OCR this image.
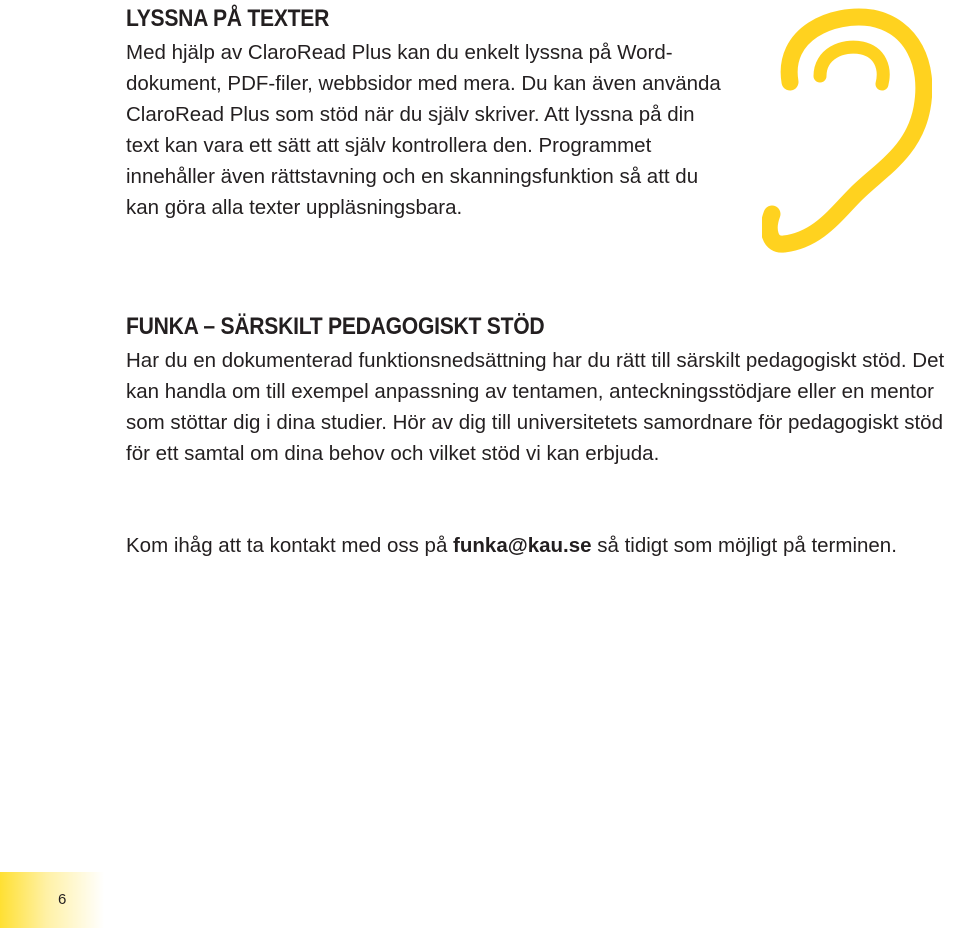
LYSSNA PÅ TEXTER

Med hjälp av ClaroRead Plus kan du enkelt lyssna på Word-dokument, PDF-filer, webbsidor med mera. Du kan även använda ClaroRead Plus som stöd när du själv skriver. Att lyssna på din text kan vara ett sätt att själv kontrollera den. Programmet innehåller även rättstavning och en skanningsfunktion så att du kan göra alla texter uppläsningsbara.

FUNKA – SÄRSKILT PEDAGOGISKT STÖD

Har du en dokumenterad funktionsnedsättning har du rätt till särskilt pedagogiskt stöd. Det kan handla om till exempel anpassning av tentamen, anteckningsstödjare eller en mentor som stöttar dig i dina studier. Hör av dig till universitetets samordnare för pedagogiskt stöd för ett samtal om dina behov och vilket stöd vi kan erbjuda.

Kom ihåg att ta kontakt med oss på funka@kau.se så tidigt som möjligt på terminen.

6
